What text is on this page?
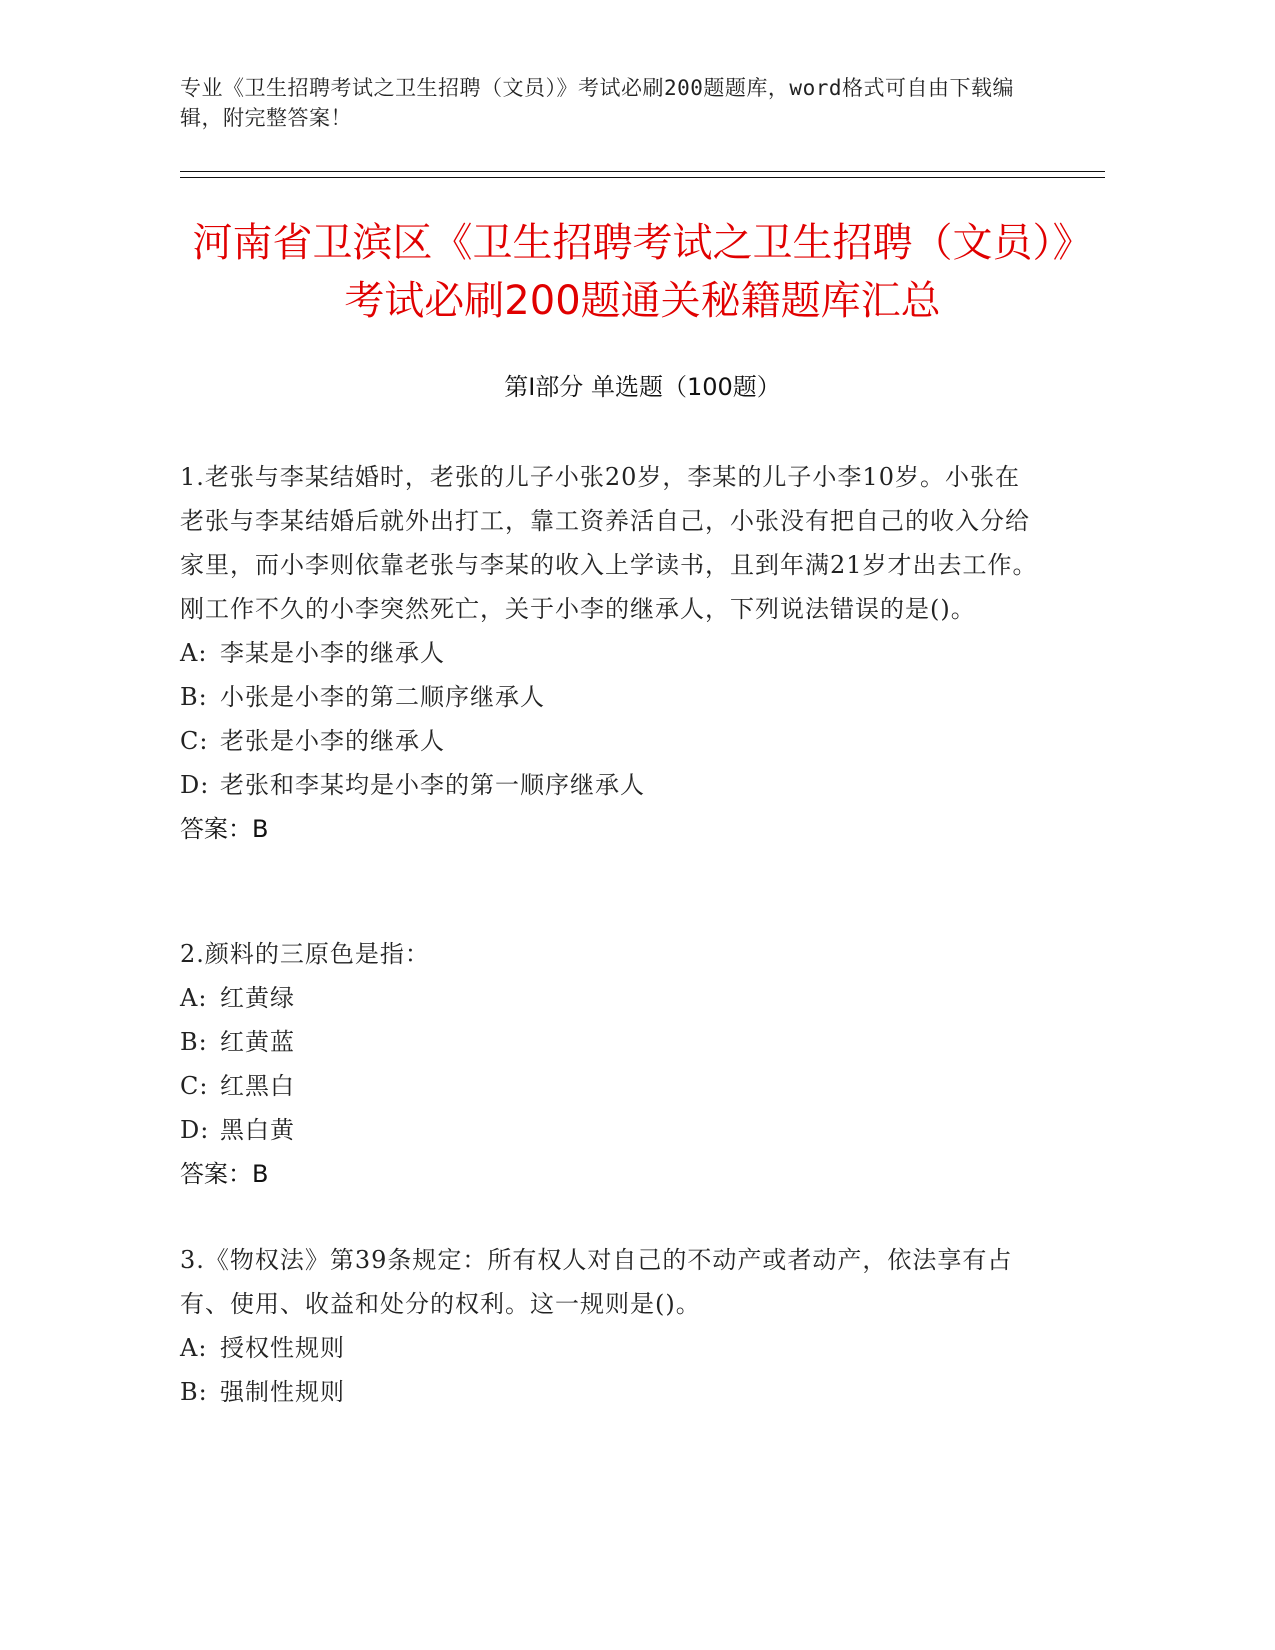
专业《卫生招聘考试之卫生招聘（文员）》考试必刷200题题库，word格式可自由下载编辑，附完整答案！
河南省卫滨区《卫生招聘考试之卫生招聘（文员）》考试必刷200题通关秘籍题库汇总
第Ⅰ部分 单选题（100题）
1.老张与李某结婚时，老张的儿子小张20岁，李某的儿子小李10岁。小张在老张与李某结婚后就外出打工，靠工资养活自己，小张没有把自己的收入分给家里，而小李则依靠老张与李某的收入上学读书，且到年满21岁才出去工作。刚工作不久的小李突然死亡，关于小李的继承人，下列说法错误的是()。
A: 李某是小李的继承人
B: 小张是小李的第二顺序继承人
C: 老张是小李的继承人
D: 老张和李某均是小李的第一顺序继承人
答案：B
2.颜料的三原色是指：
A: 红黄绿
B: 红黄蓝
C: 红黑白
D: 黑白黄
答案：B
3.《物权法》第39条规定：所有权人对自己的不动产或者动产，依法享有占有、使用、收益和处分的权利。这一规则是()。
A: 授权性规则
B: 强制性规则
